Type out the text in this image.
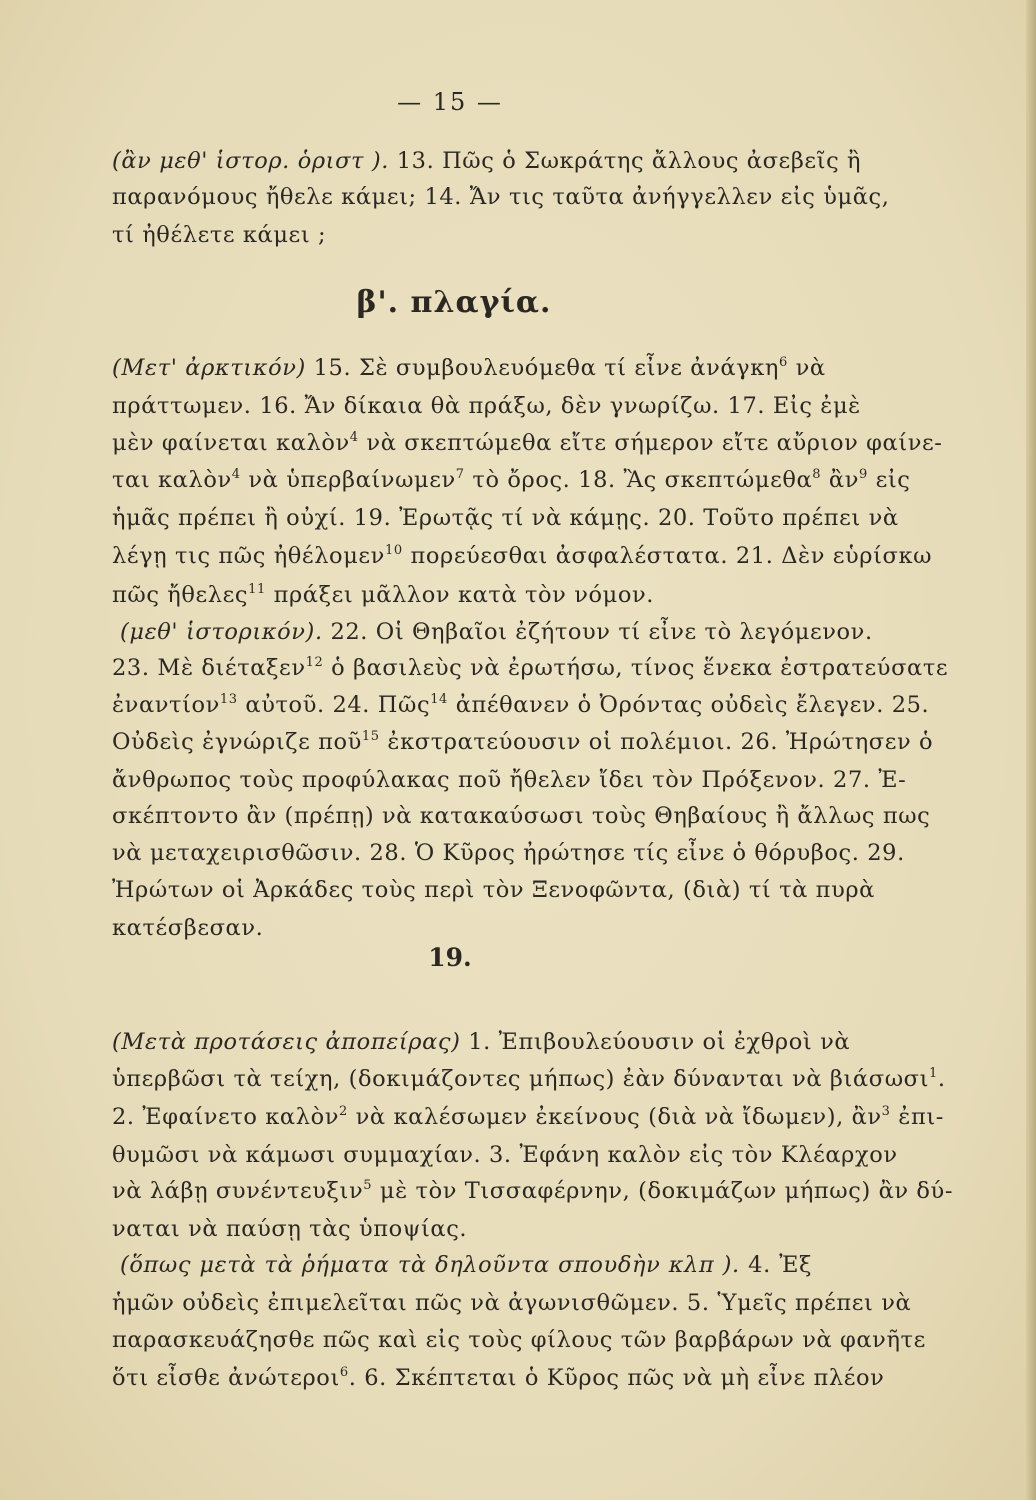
— 15 —
β'. πλαγία.
19.
(ἂν μεθ' ἱστορ. ὁριστ ). 13. Πῶς ὁ Σωκράτης ἄλλους ἀσεβεῖς ἢ
παρανόμους ἤθελε κάμει; 14. Ἄν τις ταῦτα ἀνήγγελλεν εἰς ὑμᾶς,
τί ἠθέλετε κάμει ;
(Μετ' ἀρκτικόν) 15. Σὲ συμβουλευόμεθα τί εἶνε ἀνάγκη$^6$ νὰ
πράττωμεν. 16. Ἄν δίκαια θὰ πράξω, δὲν γνωρίζω. 17. Εἰς ἐμὲ
μὲν φαίνεται καλὸν$^4$ νὰ σκεπτώμεθα εἴτε σήμερον εἴτε αὔριον φαίνε-
ται καλὸν$^4$ νὰ ὑπερβαίνωμεν$^7$ τὸ ὄρος. 18. Ἂς σκεπτώμεθα$^8$ ἂν$^9$ εἰς
ἡμᾶς πρέπει ἢ οὐχί. 19. Ἐρωτᾷς τί νὰ κάμῃς. 20. Τοῦτο πρέπει νὰ
λέγῃ τις πῶς ἠθέλομεν$^{10}$ πορεύεσθαι ἀσφαλέστατα. 21. Δὲν εὑρίσκω
πῶς ἤθελες$^{11}$ πράξει μᾶλλον κατὰ τὸν νόμον.
(μεθ' ἱστορικόν). 22. Οἱ Θηβαῖοι ἐζήτουν τί εἶνε τὸ λεγόμενον.
23. Μὲ διέταξεν$^{12}$ ὁ βασιλεὺς νὰ ἐρωτήσω, τίνος ἕνεκα ἐστρατεύσατε
ἐναντίον$^{13}$ αὐτοῦ. 24. Πῶς$^{14}$ ἀπέθανεν ὁ Ὀρόντας οὐδεὶς ἔλεγεν. 25.
Οὐδεὶς ἐγνώριζε ποῦ$^{15}$ ἐκστρατεύουσιν οἱ πολέμιοι. 26. Ἠρώτησεν ὁ
ἄνθρωπος τοὺς προφύλακας ποῦ ἤθελεν ἴδει τὸν Πρόξενον. 27. Ἐ-
σκέπτοντο ἂν (πρέπῃ) νὰ κατακαύσωσι τοὺς Θηβαίους ἢ ἄλλως πως
νὰ μεταχειρισθῶσιν. 28. Ὁ Κῦρος ἠρώτησε τίς εἶνε ὁ θόρυβος. 29.
Ἠρώτων οἱ Ἀρκάδες τοὺς περὶ τὸν Ξενοφῶντα, (διὰ) τί τὰ πυρὰ
κατέσβεσαν.
(Μετὰ προτάσεις ἀποπείρας) 1. Ἐπιβουλεύουσιν οἱ ἐχθροὶ νὰ
ὑπερβῶσι τὰ τείχη, (δοκιμάζοντες μήπως) ἐὰν δύνανται νὰ βιάσωσι$^1$.
2. Ἐφαίνετο καλὸν$^2$ νὰ καλέσωμεν ἐκείνους (διὰ νὰ ἴδωμεν), ἂν$^3$ ἐπι-
θυμῶσι νὰ κάμωσι συμμαχίαν. 3. Ἐφάνη καλὸν εἰς τὸν Κλέαρχον
νὰ λάβῃ συνέντευξιν$^5$ μὲ τὸν Τισσαφέρνην, (δοκιμάζων μήπως) ἂν δύ-
ναται νὰ παύσῃ τὰς ὑποψίας.
(ὅπως μετὰ τὰ ῥήματα τὰ δηλοῦντα σπουδὴν κλπ ). 4. Ἐξ
ἡμῶν οὐδεὶς ἐπιμελεῖται πῶς νὰ ἀγωνισθῶμεν. 5. Ὑμεῖς πρέπει νὰ
παρασκευάζησθε πῶς καὶ εἰς τοὺς φίλους τῶν βαρβάρων νὰ φανῆτε
ὅτι εἶσθε ἀνώτεροι$^6$. 6. Σκέπτεται ὁ Κῦρος πῶς νὰ μὴ εἶνε πλέον
